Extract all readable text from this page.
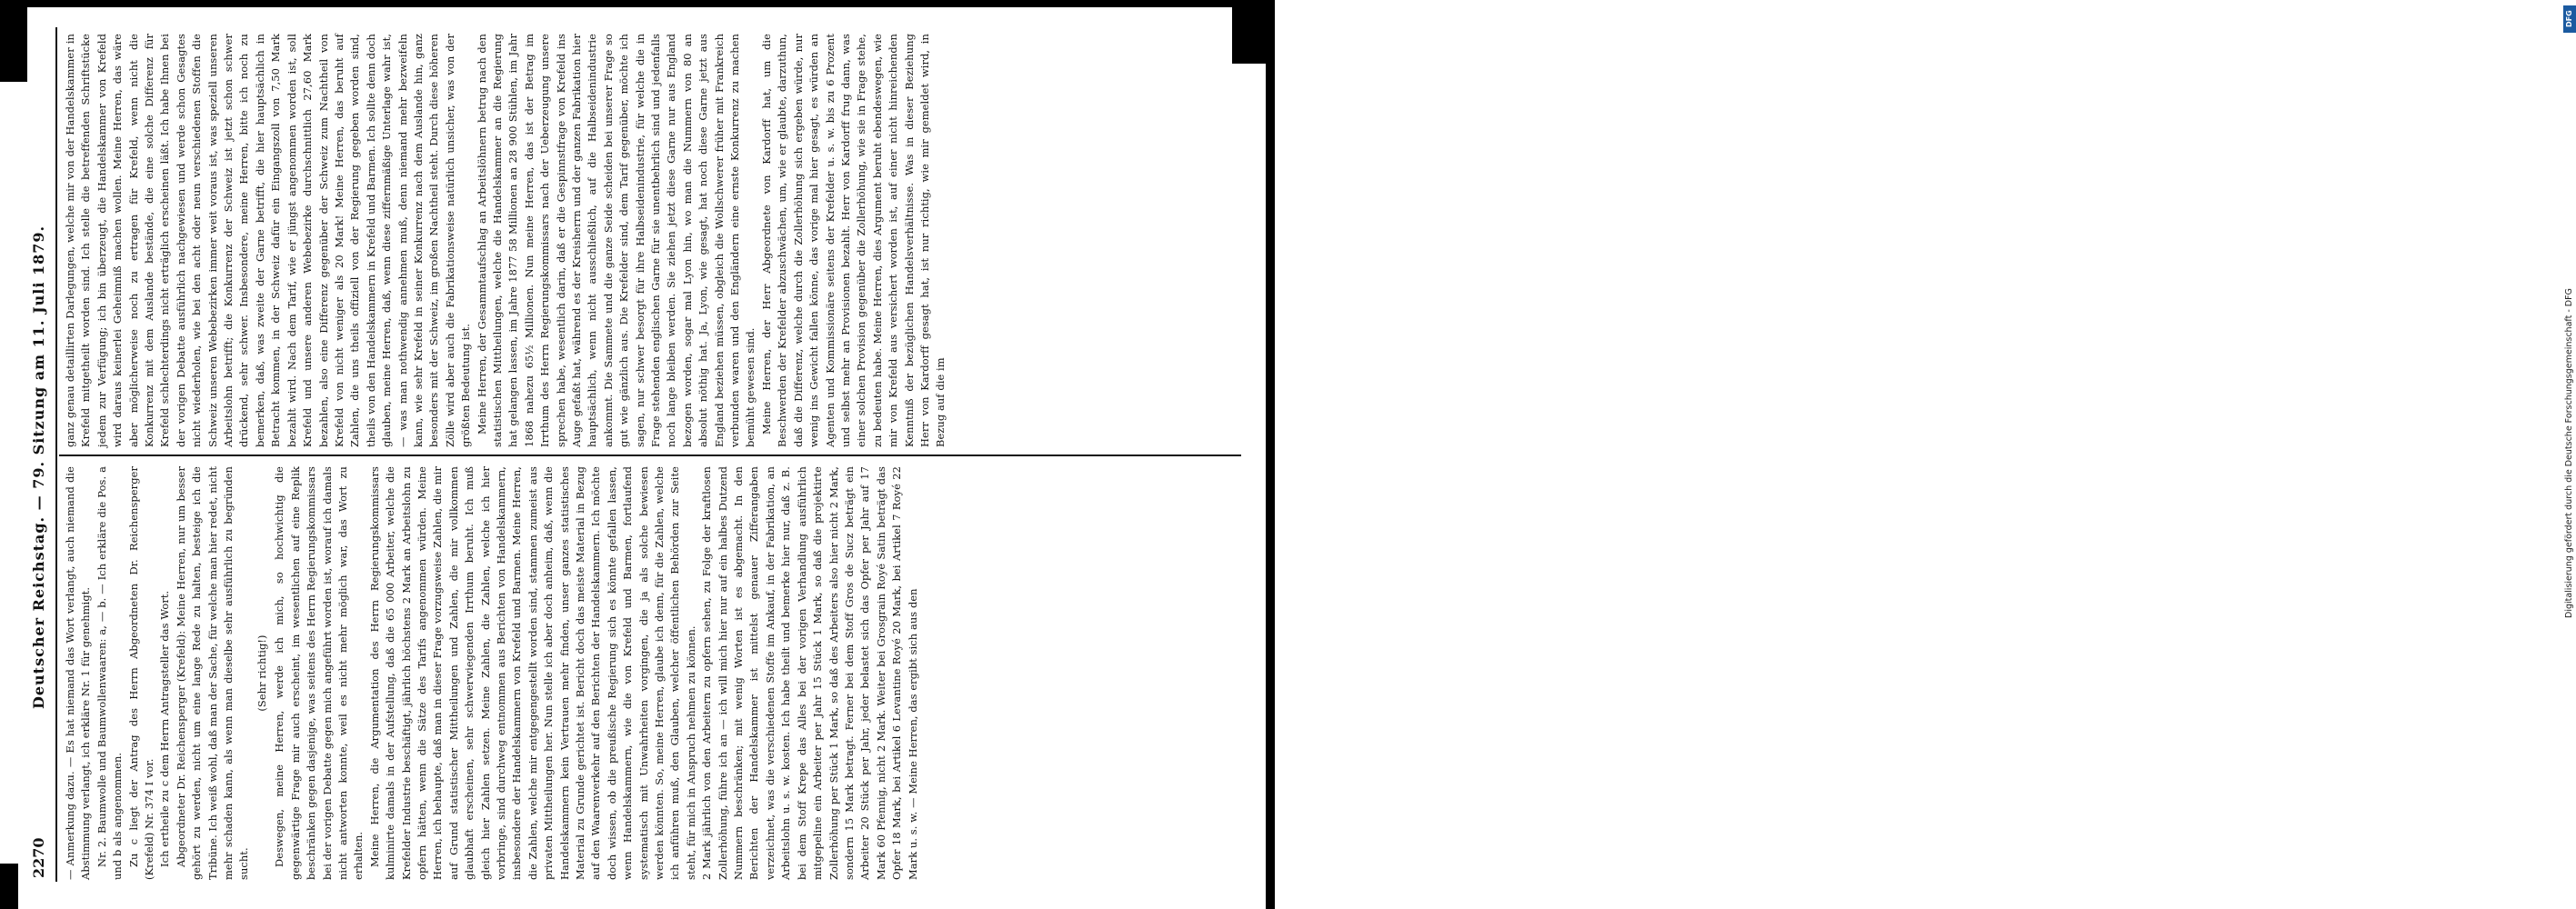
2270
Deutscher Reichstag. — 79. Sitzung am 11. Juli 1879. — Anmerkung dazu. — Es hat niemand das Wort verlangt, auch niemand die Abstimmung verlangt, ich erkläre Nr. 1 für genehmigt. Nr. 2. Baumwolle und Baumwollenwaaren: a, — b. — Ich erkläre die Pos. a und b als angenommen. Zu c liegt der Antrag des Herrn Abgeordneten Dr. Reichensperger (Krefeld) Nr. 374 I vor. Ich ertheile zu c dem Herrn Antragsteller das Wort. Abgeordneter Dr. Reichensperger (Krefeld): Meine Herren, nur um besser gehört zu werden, nicht um eine lange Rede zu halten, besteige ich die Tribüne. Ich weiß wohl, daß man der Sache, für welche man hier redet, nicht mehr schaden kann, als wenn man dieselbe sehr ausführlich zu begründen sucht.

(Sehr richtig!) Deswegen, meine Herren, werde ich mich, so hochwichtig die gegenwärtige Frage mir auch erscheint, im wesentlichen auf eine Replik beschränken gegen dasjenige, was seitens des Herrn Regierungskommissars bei der vorigen Debatte gegen mich angeführt worden ist, worauf ich damals nicht antworten konnte, weil es nicht mehr möglich war, das Wort zu erhalten. Meine Herren, die Argumentation des Herrn Regierungskommissars kulminirte damals in der Aufstellung, daß die 65 000 Arbeiter, welche die Krefelder Industrie beschäftigt, jährlich höchstens 2 Mark an Arbeitslohn zu opfern hätten, wenn die Sätze des Tarifs angenommen würden. Meine Herren, ich behaupte, daß man in dieser Frage vorzugsweise Zahlen, die mir auf Grund statistischer Mittheilungen und Zahlen, die mir vollkommen glaubhaft erscheinen, sehr schwerwiegenden Irrthum beruht. Ich muß gleich hier Zahlen setzen. Meine Zahlen, die Zahlen, welche ich hier vorbringe, sind durchweg entnommen aus Berichten von Handelskammern, insbesondere der Handelskammern von Krefeld und Barmen. Meine Herren, die Zahlen, welche mir entgegengestellt worden sind, stammen zumeist aus privaten Mittheilungen her. Nun stelle ich aber doch anheim, daß, wenn die Handelskammern kein Vertrauen mehr finden, unser ganzes statistisches Material zu Grunde gerichtet ist. Bericht doch das meiste Material in Bezug auf den Waarenverkehr auf den Berichten der Handelskammern. Ich möchte doch wissen, ob die preußische Regierung sich es könnte gefallen lassen, wenn Handelskammern, wie die von Krefeld und Barmen, fortlaufend systematisch mit Unwahrheiten vorgingen, die ja als solche bewiesen werden könnten. So, meine Herren, glaube ich denn, für die Zahlen, welche ich anführen muß, den Glauben, welcher öffentlichen Behörden zur Seite steht, für mich in Anspruch nehmen zu können. 2 Mark jährlich von den Arbeitern zu opfern sehen, zu Folge der kraftlosen Zollerhöhung, führe ich an — ich will mich hier nur auf ein halbes Dutzend Nummern beschränken; mit wenig Worten ist es abgemacht. In den Berichten der Handelskammer ist mittelst genauer Zifferangaben verzeichnet, was die verschiedenen Stoffe im Ankauf, in der Fabrikation, an Arbeitslohn u. s. w. kosten. Ich habe theilt und bemerke hier nur, daß z. B. bei dem Stoff Krepe das Alles bei der vorigen Verhandlung ausführlich mitgepeline ein Arbeiter per Jahr 15 Stück 1 Mark, so daß die projektirte Zollerhöhung per Stück 1 Mark, so daß des Arbeiters also hier nicht 2 Mark, sondern 15 Mark betragt. Ferner bei dem Stoff Gros de Sucz beträgt ein Arbeiter 20 Stück per Jahr, jeder belastet sich das Opfer per Jahr auf 17 Mark 60 Pfennig, nicht 2 Mark. Weiter bei Grosgrain Royé Satin beträgt das Opfer 18 Mark, bei Artikel 6 Levantine Royé 20 Mark, bei Artikel 7 Royé 22 Mark u. s. w. — Meine Herren, das ergibt sich aus den

ganz genau detaillirten Darlegungen, welche mir von der Handelskammer in Krefeld mitgetheilt worden sind. Ich stelle die betreffenden Schriftstücke jedem zur Verfügung; ich bin überzeugt, die Handelskammer von Krefeld wird daraus keinerlei Geheimniß machen wollen. Meine Herren, das wäre aber möglicherweise noch zu ertragen für Krefeld, wenn nicht die Konkurrenz mit dem Auslande bestände, die eine solche Differenz für Krefeld schlechterdings nicht erträglich erscheinen läßt. Ich habe Ihnen bei der vorigen Debatte ausführlich nachgewiesen und werde schon Gesagtes nicht wiederholen, wie bei den acht oder neun verschiedenen Stoffen die Schweiz unseren Webebezirken immer weit voraus ist, was speziell unseren Arbeitslohn betrifft; die Konkurrenz der Schweiz ist jetzt schon schwer drückend, sehr schwer. Insbesondere, meine Herren, bitte ich noch zu bemerken, daß, was zweite der Garne betrifft, die hier hauptsächlich in Betracht kommen, in der Schweiz dafür ein Eingangszoll von 7,50 Mark bezahlt wird. Nach dem Tarif, wie er jüngst angenommen worden ist, soll Krefeld und unsere anderen Webebezirke durchschnittlich 27,60 Mark bezahlen, also eine Differenz gegenüber der Schweiz zum Nachtheil von Krefeld von nicht weniger als 20 Mark! Meine Herren, das beruht auf Zahlen, die uns theils offiziell von der Regierung gegeben worden sind, theils von den Handelskammern in Krefeld und Barmen. Ich sollte denn doch glauben, meine Herren, daß, wenn diese ziffernmäßige Unterlage wahr ist, — was man nothwendig annehmen muß, denn niemand mehr bezweifeln kann, wie sehr Krefeld in seiner Konkurrenz nach dem Auslande hin, ganz besonders mit der Schweiz, im großen Nachtheil steht. Durch diese höheren Zölle wird aber auch die Fabrikationsweise natürlich unsicher, was von der größten Bedeutung ist. Meine Herren, der Gesammtaufschlag an Arbeitslöhnern betrug nach den statistischen Mittheilungen, welche die Handelskammer an die Regierung hat gelangen lassen, im Jahre 1877 58 Millionen an 28 900 Stühlen, im Jahr 1868 nahezu 65½ Millionen. Nun meine Herren, das ist der Betrag im Irrthum des Herrn Regierungskommissars nach der Ueberzeugung unsere sprechen habe, wesentlich darin, daß er die Gespinnstfrage von Krefeld ins Auge gefaßt hat, während es der Kreisherrn und der ganzen Fabrikation hier hauptsächlich, wenn nicht ausschließlich, auf die Halbseidenindustrie ankommt. Die Sammete und die ganze Seide scheiden bei unserer Frage so gut wie gänzlich aus. Die Krefelder sind, dem Tarif gegenüber, möchte ich sagen, nur schwer besorgt für ihre Halbseidenindustrie, für welche die in Frage stehenden englischen Garne für sie unentbehrlich sind und jedenfalls noch lange bleiben werden. Sie ziehen jetzt diese Garne nur aus England bezogen worden, sogar mal Lyon hin, wo man die Nummern von 80 an absolut nöthig hat. Ja, Lyon, wie gesagt, hat noch diese Garne jetzt aus England beziehen müssen, obgleich die Wollschwerer früher mit Frankreich verbunden waren und den Engländern eine ernste Konkurrenz zu machen bemüht gewesen sind. Meine Herren, der Herr Abgeordnete von Kardorff hat, um die Beschwerden der Krefelder abzuschwächen, um, wie er glaubte, darzuthun, daß die Differenz, welche durch die Zollerhöhung sich ergeben würde, nur wenig ins Gewicht fallen könne, das vorige mal hier gesagt, es würden an Agenten und Kommissionäre seitens der Krefelder u. s. w. bis zu 6 Prozent und selbst mehr an Provisionen bezahlt. Herr von Kardorff frug dann, was einer solchen Provision gegenüber die Zollerhöhung, wie sie in Frage stehe, zu bedeuten habe. Meine Herren, dies Argument beruht ebendeswegen, wie mir von Krefeld aus versichert worden ist, auf einer nicht hinreichenden Kenntniß der bezüglichen Handelsverhältnisse. Was in dieser Beziehung Herr von Kardorff gesagt hat, ist nur richtig, wie mir gemeldet wird, in Bezug auf die im

DFG
Digitalisierung gefördert durch die Deutsche Forschungsgemeinschaft - DFG
